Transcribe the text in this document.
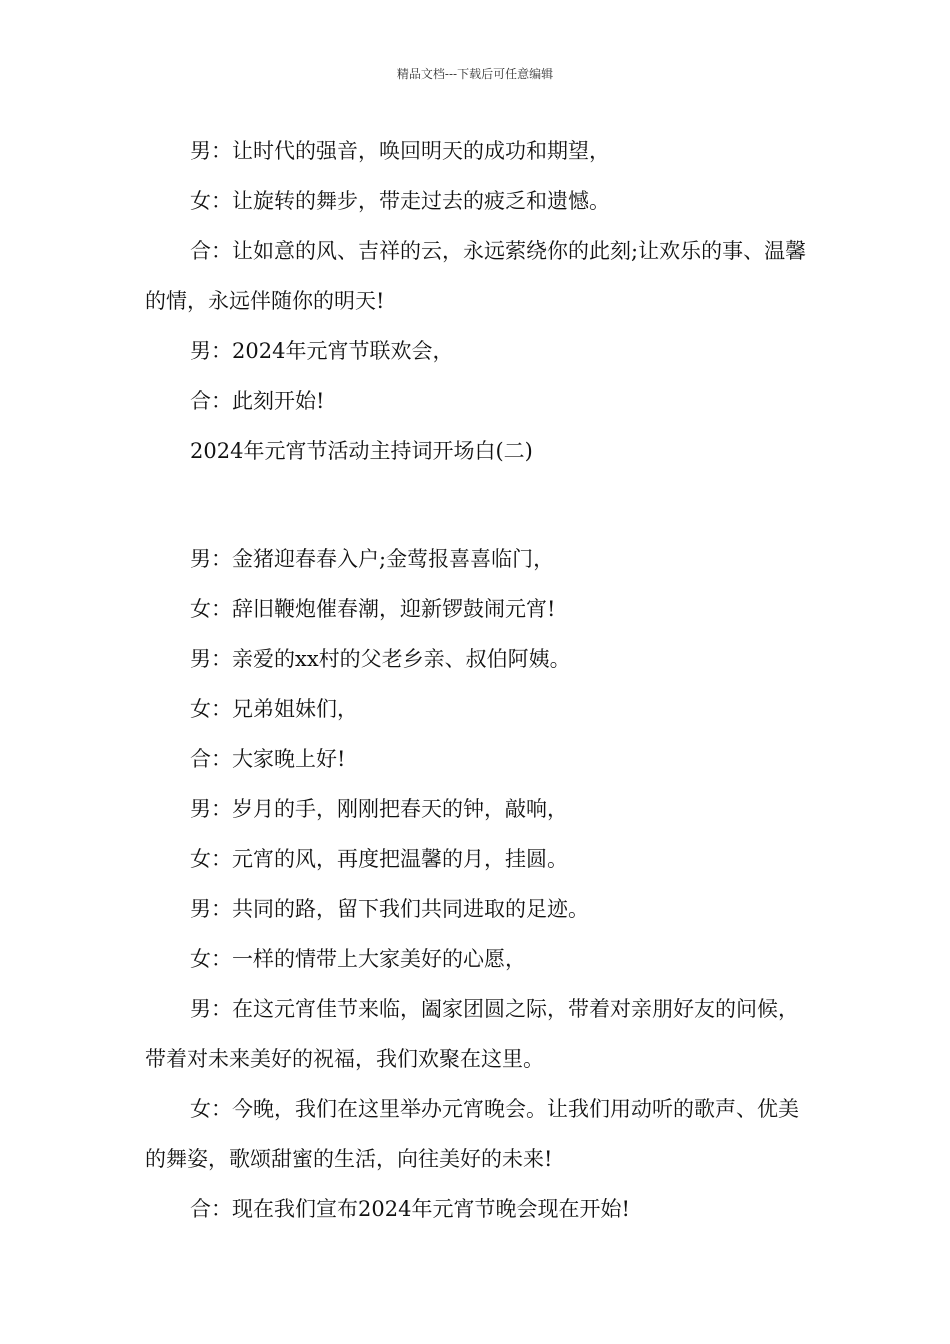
精品文档---下载后可任意编辑

男：让时代的强音，唤回明天的成功和期望，

女：让旋转的舞步，带走过去的疲乏和遗憾。

合：让如意的风、吉祥的云，永远萦绕你的此刻;让欢乐的事、温馨的情，永远伴随你的明天!

男：2024年元宵节联欢会，

合：此刻开始!

2024年元宵节活动主持词开场白(二)

男：金猪迎春春入户;金莺报喜喜临门，

女：辞旧鞭炮催春潮，迎新锣鼓闹元宵!

男：亲爱的xx村的父老乡亲、叔伯阿姨。

女：兄弟姐妹们，

合：大家晚上好!

男：岁月的手，刚刚把春天的钟，敲响，

女：元宵的风，再度把温馨的月，挂圆。

男：共同的路，留下我们共同进取的足迹。

女：一样的情带上大家美好的心愿，

男：在这元宵佳节来临，阖家团圆之际，带着对亲朋好友的问候，带着对未来美好的祝福，我们欢聚在这里。

女：今晚，我们在这里举办元宵晚会。让我们用动听的歌声、优美的舞姿，歌颂甜蜜的生活，向往美好的未来!

合：现在我们宣布2024年元宵节晚会现在开始!
